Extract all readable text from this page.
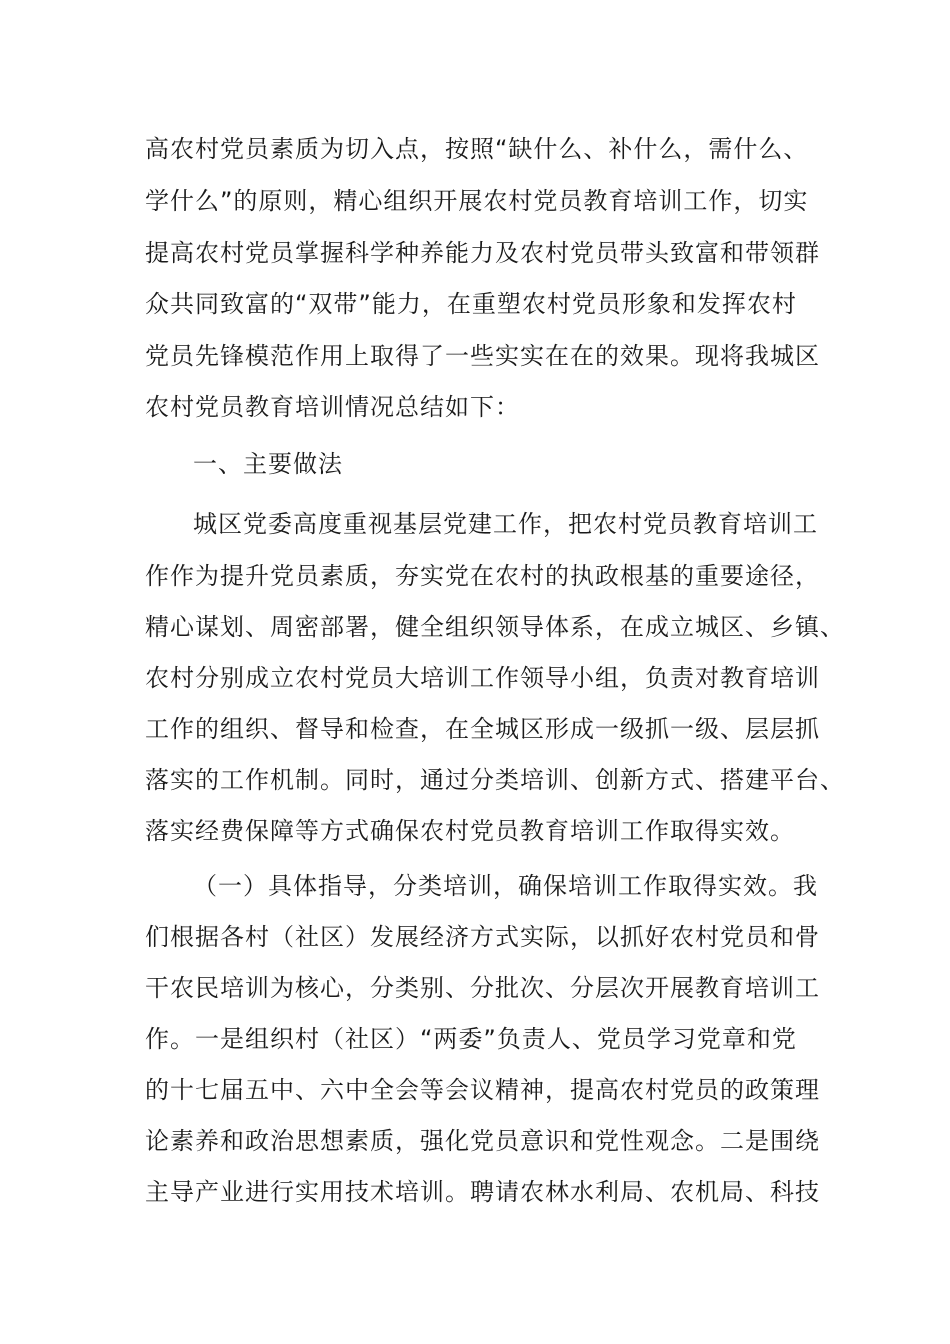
高农村党员素质为切入点，按照“缺什么、补什么，需什么、
学什么”的原则，精心组织开展农村党员教育培训工作，切实
提高农村党员掌握科学种养能力及农村党员带头致富和带领群
众共同致富的“双带”能力，在重塑农村党员形象和发挥农村
党员先锋模范作用上取得了一些实实在在的效果。现将我城区
农村党员教育培训情况总结如下：
一、主要做法
城区党委高度重视基层党建工作，把农村党员教育培训工
作作为提升党员素质，夯实党在农村的执政根基的重要途径，
精心谋划、周密部署，健全组织领导体系，在成立城区、乡镇、
农村分别成立农村党员大培训工作领导小组，负责对教育培训
工作的组织、督导和检查，在全城区形成一级抓一级、层层抓
落实的工作机制。同时，通过分类培训、创新方式、搭建平台、
落实经费保障等方式确保农村党员教育培训工作取得实效。
（一）具体指导，分类培训，确保培训工作取得实效。我
们根据各村（社区）发展经济方式实际，以抓好农村党员和骨
干农民培训为核心，分类别、分批次、分层次开展教育培训工
作。一是组织村（社区）“两委”负责人、党员学习党章和党
的十七届五中、六中全会等会议精神，提高农村党员的政策理
论素养和政治思想素质，强化党员意识和党性观念。二是围绕
主导产业进行实用技术培训。聘请农林水利局、农机局、科技
